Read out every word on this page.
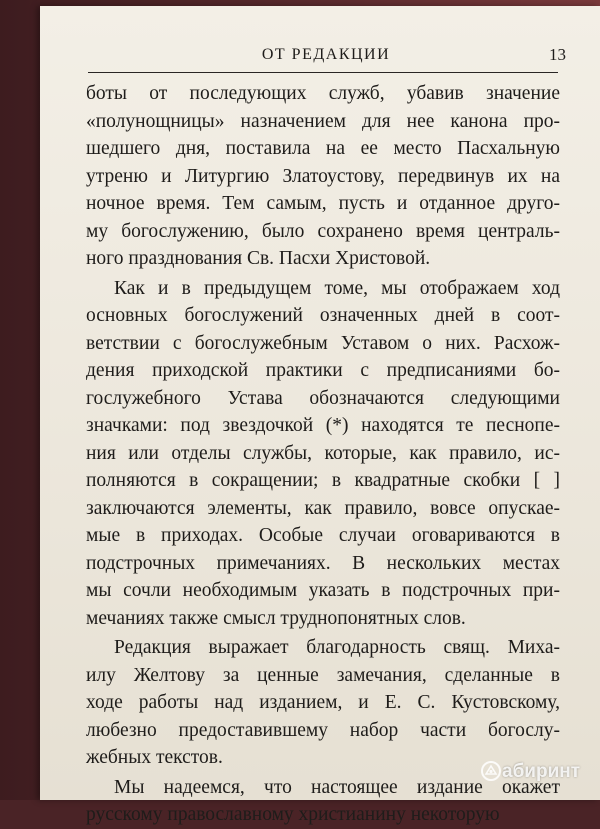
ОТ РЕДАКЦИИ	13
боты от последующих служб, убавив значение
«полунощницы» назначением для нее канона про-
шедшего дня, поставила на ее место Пасхальную
утреню и Литургию Златоустову, передвинув их на
ночное время. Тем самым, пусть и отданное друго-
му богослужению, было сохранено время централь-
ного празднования Св. Пасхи Христовой.
Как и в предыдущем томе, мы отображаем ход
основных богослужений означенных дней в соот-
ветствии с богослужебным Уставом о них. Расхож-
дения приходской практики с предписаниями бо-
гослужебного Устава обозначаются следующими
значками: под звездочкой (*) находятся те песнопе-
ния или отделы службы, которые, как правило, ис-
полняются в сокращении; в квадратные скобки [ ]
заключаются элементы, как правило, вовсе опускае-
мые в приходах. Особые случаи оговариваются в
подстрочных примечаниях. В нескольких местах
мы сочли необходимым указать в подстрочных при-
мечаниях также смысл труднопонятных слов.
Редакция выражает благодарность свящ. Миха-
илу Желтову за ценные замечания, сделанные в
ходе работы над изданием, и Е. С. Кустовскому,
любезно предоставившему набор части богослу-
жебных текстов.
Мы надеемся, что настоящее издание окажет
русскому православному христианину некоторую
абиринт
